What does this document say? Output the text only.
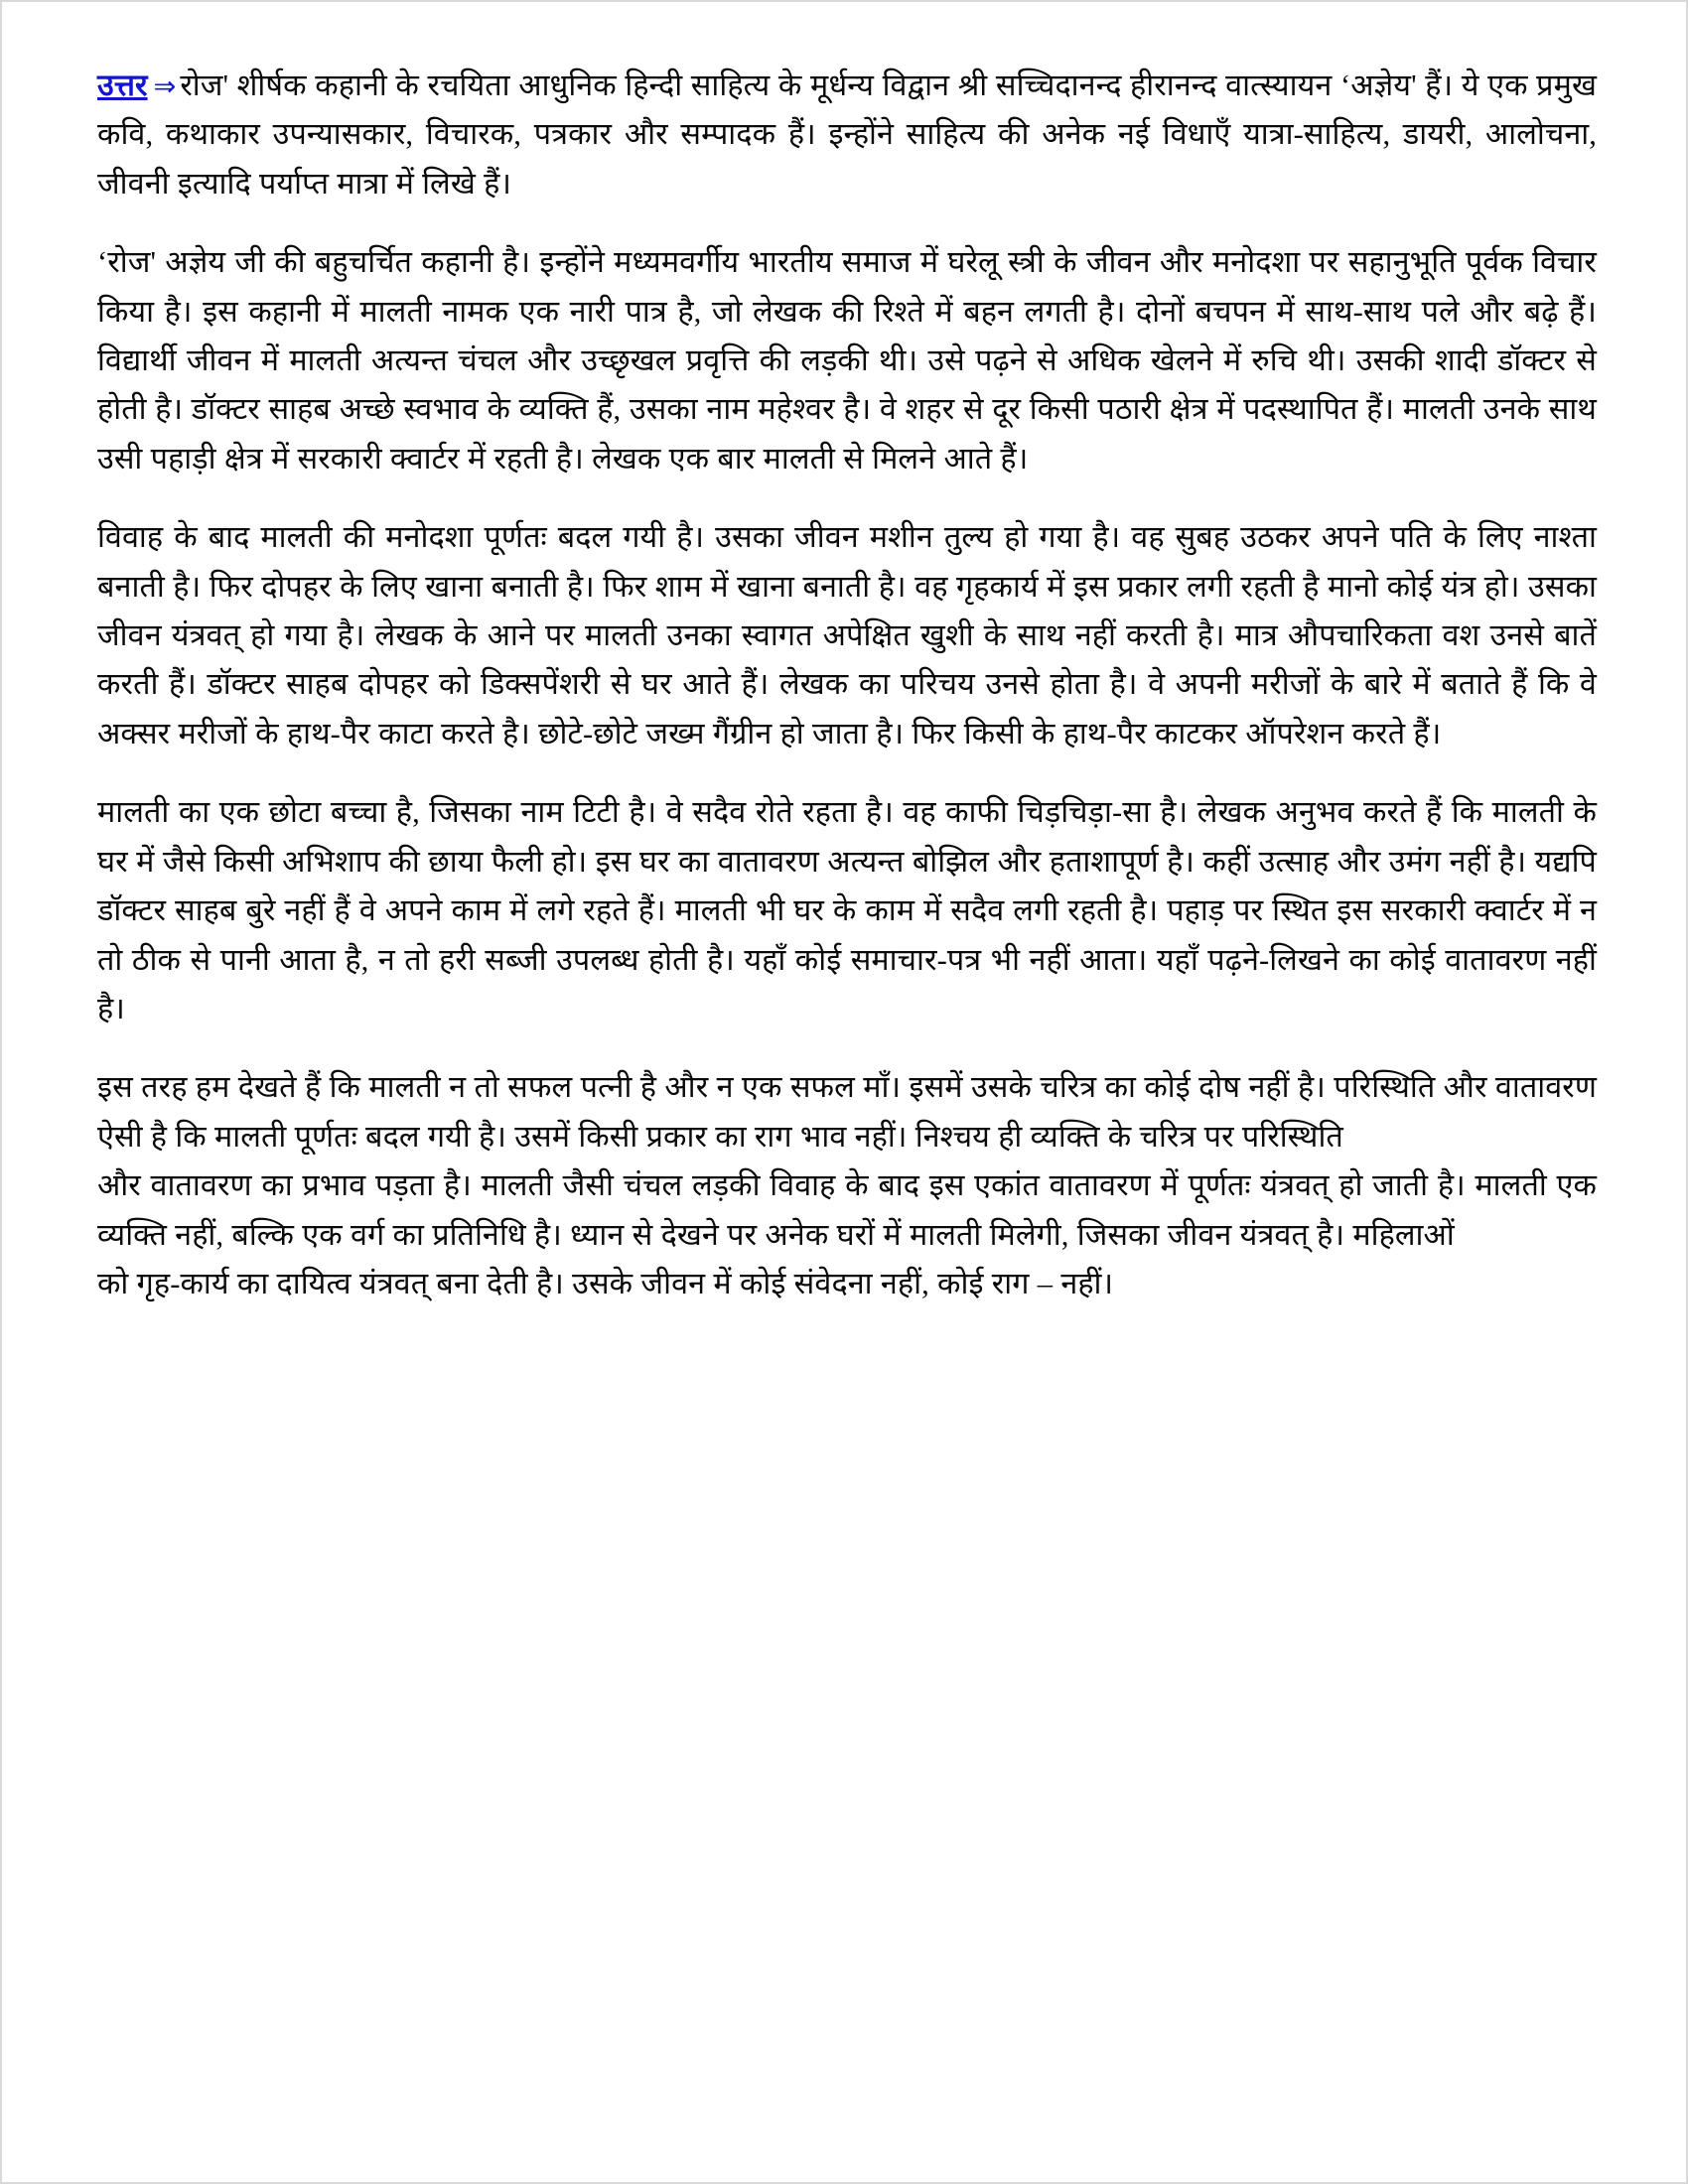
उत्तर ⇒ रोज' शीर्षक कहानी के रचयिता आधुनिक हिन्दी साहित्य के मूर्धन्य विद्वान श्री सच्चिदानन्द हीरानन्द वात्स्यायन ‘अज्ञेय' हैं। ये एक प्रमुख कवि, कथाकार उपन्यासकार, विचारक, पत्रकार और सम्पादक हैं। इन्होंने साहित्य की अनेक नई विधाएँ यात्रा-साहित्य, डायरी, आलोचना, जीवनी इत्यादि पर्याप्त मात्रा में लिखे हैं।

‘रोज' अज्ञेय जी की बहुचर्चित कहानी है। इन्होंने मध्यमवर्गीय भारतीय समाज में घरेलू स्त्री के जीवन और मनोदशा पर सहानुभूति पूर्वक विचार किया है। इस कहानी में मालती नामक एक नारी पात्र है, जो लेखक की रिश्ते में बहन लगती है। दोनों बचपन में साथ-साथ पले और बढ़े हैं। विद्यार्थी जीवन में मालती अत्यन्त चंचल और उच्छृखल प्रवृत्ति की लड़की थी। उसे पढ़ने से अधिक खेलने में रुचि थी। उसकी शादी डॉक्टर से होती है। डॉक्टर साहब अच्छे स्वभाव के व्यक्ति हैं, उसका नाम महेश्वर है। वे शहर से दूर किसी पठारी क्षेत्र में पदस्थापित हैं। मालती उनके साथ उसी पहाड़ी क्षेत्र में सरकारी क्वार्टर में रहती है। लेखक एक बार मालती से मिलने आते हैं।

विवाह के बाद मालती की मनोदशा पूर्णतः बदल गयी है। उसका जीवन मशीन तुल्य हो गया है। वह सुबह उठकर अपने पति के लिए नाश्ता बनाती है। फिर दोपहर के लिए खाना बनाती है। फिर शाम में खाना बनाती है। वह गृहकार्य में इस प्रकार लगी रहती है मानो कोई यंत्र हो। उसका जीवन यंत्रवत् हो गया है। लेखक के आने पर मालती उनका स्वागत अपेक्षित खुशी के साथ नहीं करती है। मात्र औपचारिकता वश उनसे बातें करती हैं। डॉक्टर साहब दोपहर को डिक्सपेंशरी से घर आते हैं। लेखक का परिचय उनसे होता है। वे अपनी मरीजों के बारे में बताते हैं कि वे अक्सर मरीजों के हाथ-पैर काटा करते है। छोटे-छोटे जख्म गैंग्रीन हो जाता है। फिर किसी के हाथ-पैर काटकर ऑपरेशन करते हैं।

मालती का एक छोटा बच्चा है, जिसका नाम टिटी है। वे सदैव रोते रहता है। वह काफी चिड़चिड़ा-सा है। लेखक अनुभव करते हैं कि मालती के घर में जैसे किसी अभिशाप की छाया फैली हो। इस घर का वातावरण अत्यन्त बोझिल और हताशापूर्ण है। कहीं उत्साह और उमंग नहीं है। यद्यपि डॉक्टर साहब बुरे नहीं हैं वे अपने काम में लगे रहते हैं। मालती भी घर के काम में सदैव लगी रहती है। पहाड़ पर स्थित इस सरकारी क्वार्टर में न तो ठीक से पानी आता है, न तो हरी सब्जी उपलब्ध होती है। यहाँ कोई समाचार-पत्र भी नहीं आता। यहाँ पढ़ने-लिखने का कोई वातावरण नहीं है।

इस तरह हम देखते हैं कि मालती न तो सफल पत्नी है और न एक सफल माँ। इसमें उसके चरित्र का कोई दोष नहीं है। परिस्थिति और वातावरण ऐसी है कि मालती पूर्णतः बदल गयी है। उसमें किसी प्रकार का राग भाव नहीं। निश्चय ही व्यक्ति के चरित्र पर परिस्थिति

और वातावरण का प्रभाव पड़ता है। मालती जैसी चंचल लड़की विवाह के बाद इस एकांत वातावरण में पूर्णतः यंत्रवत् हो जाती है। मालती एक व्यक्ति नहीं, बल्कि एक वर्ग का प्रतिनिधि है। ध्यान से देखने पर अनेक घरों में मालती मिलेगी, जिसका जीवन यंत्रवत् है। महिलाओं

को गृह-कार्य का दायित्व यंत्रवत् बना देती है। उसके जीवन में कोई संवेदना नहीं, कोई राग – नहीं।
